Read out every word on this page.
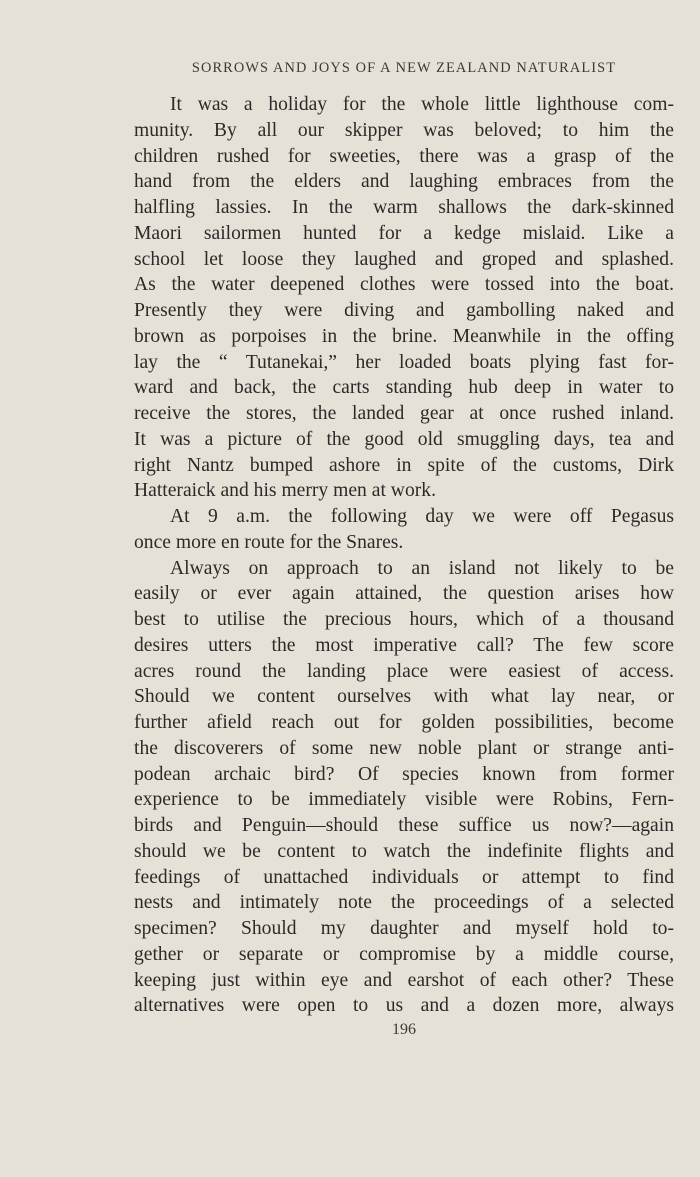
SORROWS AND JOYS OF A NEW ZEALAND NATURALIST
It was a holiday for the whole little lighthouse com-
munity. By all our skipper was beloved; to him the
children rushed for sweeties, there was a grasp of the
hand from the elders and laughing embraces from the
halfling lassies. In the warm shallows the dark-skinned
Maori sailormen hunted for a kedge mislaid. Like a
school let loose they laughed and groped and splashed.
As the water deepened clothes were tossed into the boat.
Presently they were diving and gambolling naked and
brown as porpoises in the brine. Meanwhile in the offing
lay the “ Tutanekai,” her loaded boats plying fast for-
ward and back, the carts standing hub deep in water to
receive the stores, the landed gear at once rushed inland.
It was a picture of the good old smuggling days, tea and
right Nantz bumped ashore in spite of the customs, Dirk
Hatteraick and his merry men at work.
At 9 a.m. the following day we were off Pegasus
once more en route for the Snares.
Always on approach to an island not likely to be
easily or ever again attained, the question arises how
best to utilise the precious hours, which of a thousand
desires utters the most imperative call? The few score
acres round the landing place were easiest of access.
Should we content ourselves with what lay near, or
further afield reach out for golden possibilities, become
the discoverers of some new noble plant or strange anti-
podean archaic bird? Of species known from former
experience to be immediately visible were Robins, Fern-
birds and Penguin—should these suffice us now?—again
should we be content to watch the indefinite flights and
feedings of unattached individuals or attempt to find
nests and intimately note the proceedings of a selected
specimen? Should my daughter and myself hold to-
gether or separate or compromise by a middle course,
keeping just within eye and earshot of each other? These
alternatives were open to us and a dozen more, always
196
